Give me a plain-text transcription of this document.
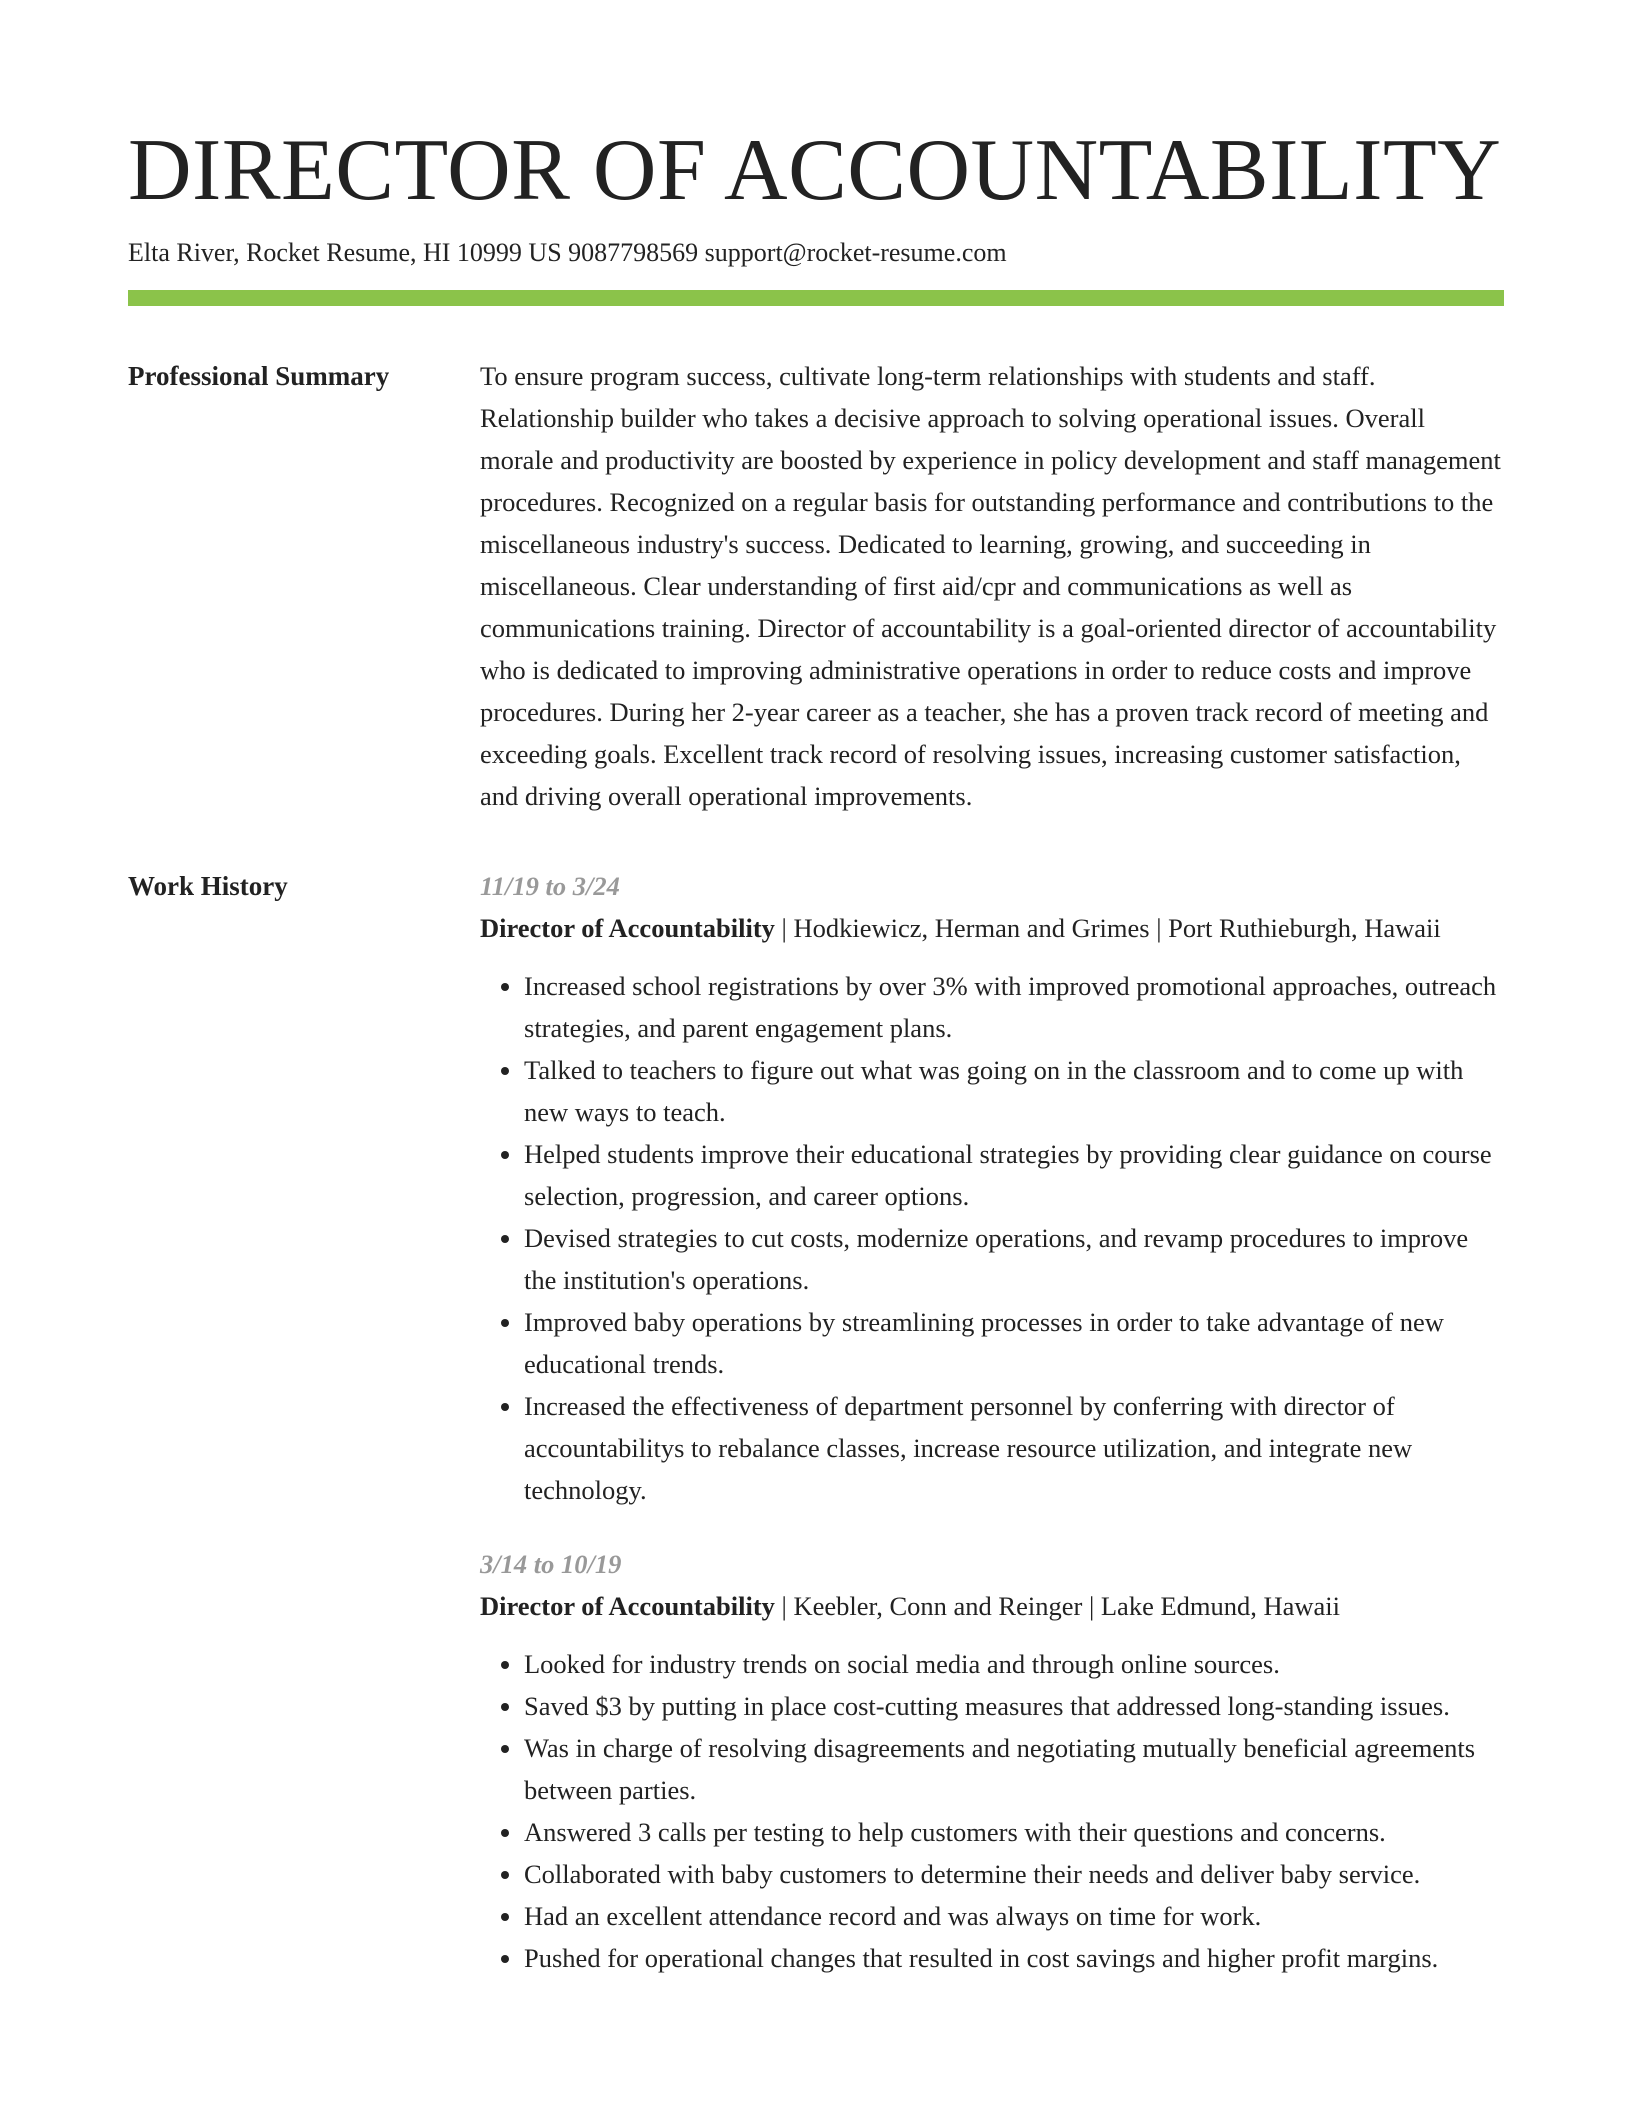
DIRECTOR OF ACCOUNTABILITY
Elta River, Rocket Resume, HI 10999 US 9087798569 support@rocket-resume.com
Professional Summary	To ensure program success, cultivate long-term relationships with students and staff. Relationship builder who takes a decisive approach to solving operational issues. Overall morale and productivity are boosted by experience in policy development and staff management procedures. Recognized on a regular basis for outstanding performance and contributions to the miscellaneous industry's success. Dedicated to learning, growing, and succeeding in miscellaneous. Clear understanding of first aid/cpr and communications as well as communications training. Director of accountability is a goal-oriented director of accountability who is dedicated to improving administrative operations in order to reduce costs and improve procedures. During her 2-year career as a teacher, she has a proven track record of meeting and exceeding goals. Excellent track record of resolving issues, increasing customer satisfaction, and driving overall operational improvements.

Work History	11/19 to 3/24
Director of Accountability | Hodkiewicz, Herman and Grimes | Port Ruthieburgh, Hawaii
• Increased school registrations by over 3% with improved promotional approaches, outreach strategies, and parent engagement plans.
• Talked to teachers to figure out what was going on in the classroom and to come up with new ways to teach.
• Helped students improve their educational strategies by providing clear guidance on course selection, progression, and career options.
• Devised strategies to cut costs, modernize operations, and revamp procedures to improve the institution's operations.
• Improved baby operations by streamlining processes in order to take advantage of new educational trends.
• Increased the effectiveness of department personnel by conferring with director of accountabilitys to rebalance classes, increase resource utilization, and integrate new technology.
3/14 to 10/19
Director of Accountability | Keebler, Conn and Reinger | Lake Edmund, Hawaii
• Looked for industry trends on social media and through online sources.
• Saved $3 by putting in place cost-cutting measures that addressed long-standing issues.
• Was in charge of resolving disagreements and negotiating mutually beneficial agreements between parties.
• Answered 3 calls per testing to help customers with their questions and concerns.
• Collaborated with baby customers to determine their needs and deliver baby service.
• Had an excellent attendance record and was always on time for work.
• Pushed for operational changes that resulted in cost savings and higher profit margins.
